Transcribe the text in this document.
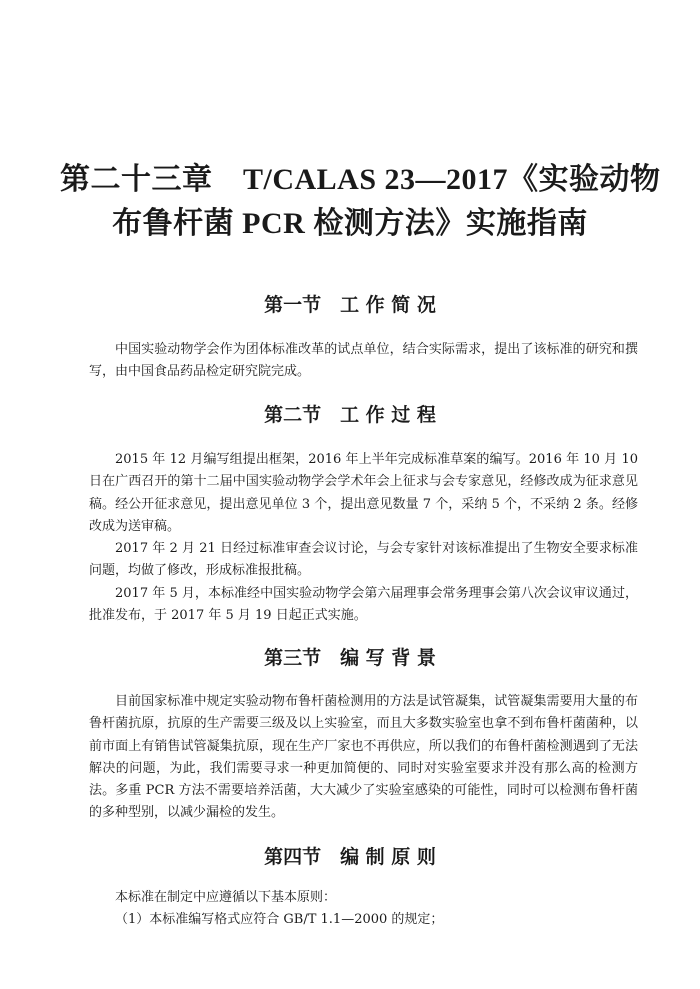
第二十三章　T/CALAS 23—2017《实验动物
布鲁杆菌 PCR 检测方法》实施指南
第一节　工 作 简 况

中国实验动物学会作为团体标准改革的试点单位，结合实际需求，提出了该标准的研究和撰写，由中国食品药品检定研究院完成。

第二节　工 作 过 程

2015 年 12 月编写组提出框架，2016 年上半年完成标准草案的编写。2016 年 10 月 10 日在广西召开的第十二届中国实验动物学会学术年会上征求与会专家意见，经修改成为征求意见稿。经公开征求意见，提出意见单位 3 个，提出意见数量 7 个，采纳 5 个，不采纳 2 条。经修改成为送审稿。

2017 年 2 月 21 日经过标准审查会议讨论，与会专家针对该标准提出了生物安全要求标准问题，均做了修改，形成标准报批稿。

2017 年 5 月，本标准经中国实验动物学会第六届理事会常务理事会第八次会议审议通过，批准发布，于 2017 年 5 月 19 日起正式实施。

第三节　编 写 背 景

目前国家标准中规定实验动物布鲁杆菌检测用的方法是试管凝集，试管凝集需要用大量的布鲁杆菌抗原，抗原的生产需要三级及以上实验室，而且大多数实验室也拿不到布鲁杆菌菌种，以前市面上有销售试管凝集抗原，现在生产厂家也不再供应，所以我们的布鲁杆菌检测遇到了无法解决的问题，为此，我们需要寻求一种更加简便的、同时对实验室要求并没有那么高的检测方法。多重 PCR 方法不需要培养活菌，大大减少了实验室感染的可能性，同时可以检测布鲁杆菌的多种型别，以减少漏检的发生。

第四节　编 制 原 则

本标准在制定中应遵循以下基本原则：

（1）本标准编写格式应符合 GB/T 1.1—2000 的规定；
